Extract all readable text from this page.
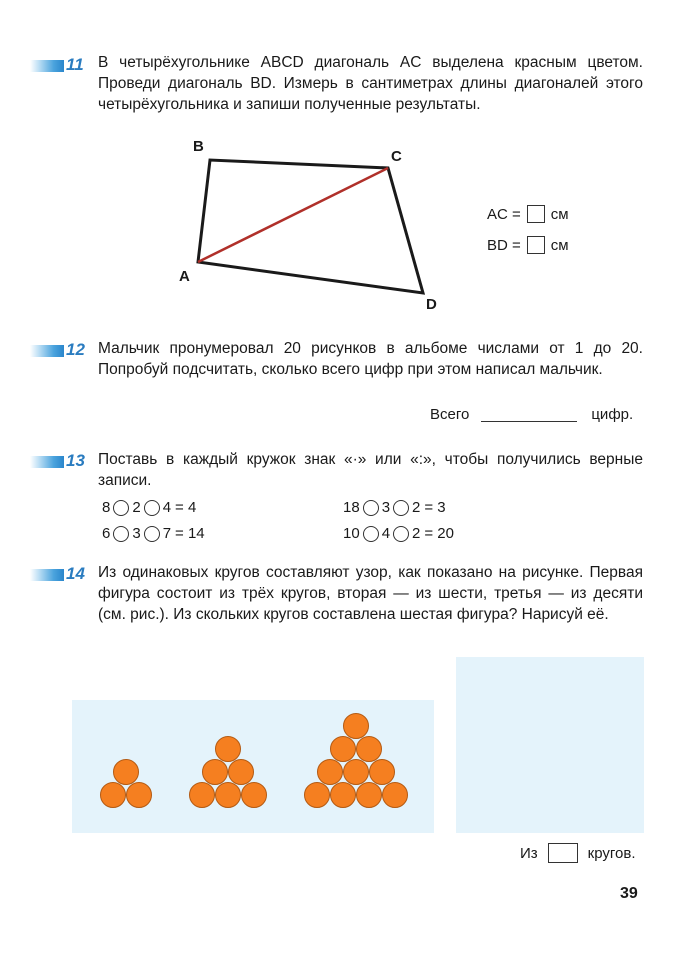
11 В четырёхугольнике ABCD диагональ AC выделена красным цветом. Проведи диагональ BD. Измерь в сантиметрах длины диагоналей этого четырёхугольника и запиши полученные результаты.
B
C
A
D
AC = см
BD = см
12 Мальчик пронумеровал 20 рисунков в альбоме числами от 1 до 20. Попробуй подсчитать, сколько всего цифр при этом написал мальчик.
Всего	цифр.
13 Поставь в каждый кружок знак «·» или «:», чтобы получились верные записи.
8 2 4 = 4
6 3 7 = 14
18 3 2 = 3
10 4 2 = 20
14 Из одинаковых кругов составляют узор, как показано на рисунке. Первая фигура состоит из трёх кругов, вторая — из шести, третья — из десяти (см. рис.). Из скольких кругов составлена шестая фигура? Нарисуй её.
Из	кругов.
39
